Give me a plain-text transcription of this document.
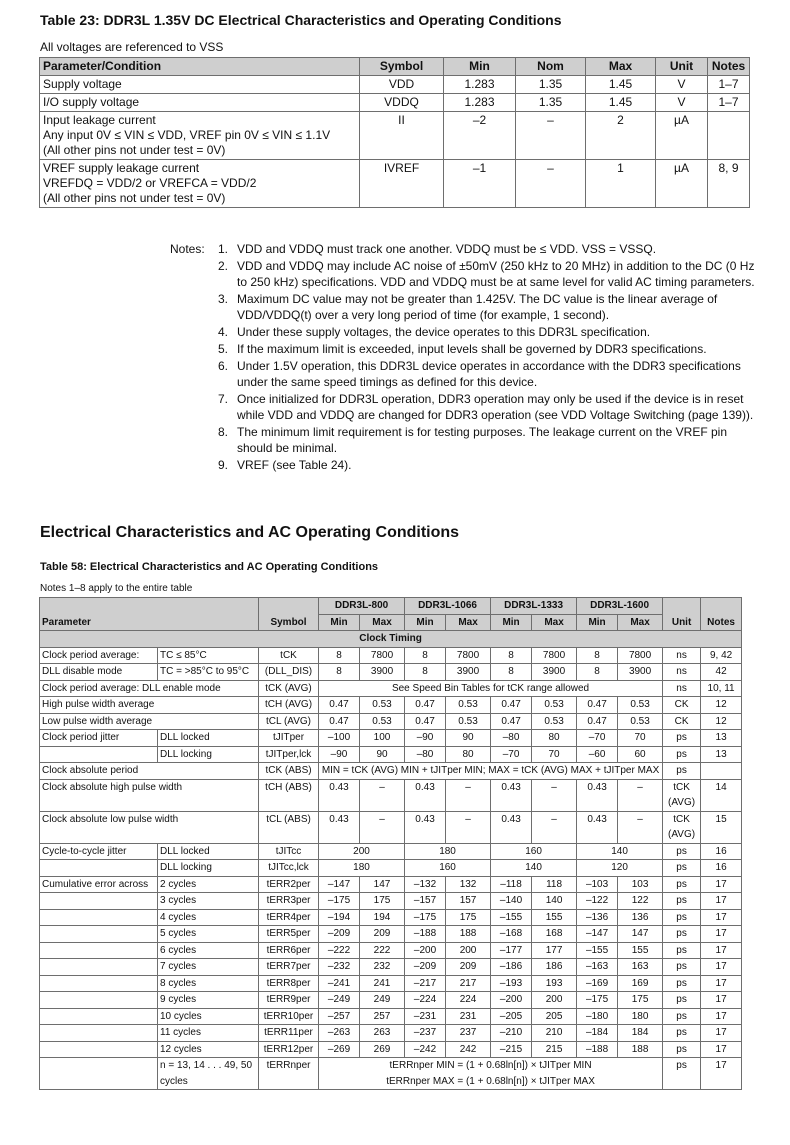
Table 23: DDR3L 1.35V DC Electrical Characteristics and Operating Conditions
All voltages are referenced to VSS
Parameter/Condition	Symbol	Min	Nom	Max	Unit	Notes

Supply voltage	VDD	1.283	1.35	1.45	V	1–7

I/O supply voltage	VDDQ	1.283	1.35	1.45	V	1–7

Input leakage current
Any input 0V ≤ VIN ≤ VDD, VREF pin 0V ≤ VIN ≤ 1.1V
(All other pins not under test = 0V)	II	–2	–	2	µA	

VREF supply leakage current
VREFDQ = VDD/2 or VREFCA = VDD/2
(All other pins not under test = 0V)	IVREF	–1	–	1	µA	8, 9
Notes: 1. VDD and VDDQ must track one another. VDDQ must be ≤ VDD. VSS = VSSQ.
2. VDD and VDDQ may include AC noise of ±50mV (250 kHz to 20 MHz) in addition to the DC (0 Hz to 250 kHz) specifications. VDD and VDDQ must be at same level for valid AC timing parameters.
3. Maximum DC value may not be greater than 1.425V. The DC value is the linear average of VDD/VDDQ(t) over a very long period of time (for example, 1 second).
4. Under these supply voltages, the device operates to this DDR3L specification.
5. If the maximum limit is exceeded, input levels shall be governed by DDR3 specifications.
6. Under 1.5V operation, this DDR3L device operates in accordance with the DDR3 specifications under the same speed timings as defined for this device.
7. Once initialized for DDR3L operation, DDR3 operation may only be used if the device is in reset while VDD and VDDQ are changed for DDR3 operation (see VDD Voltage Switching (page 139)).
8. The minimum limit requirement is for testing purposes. The leakage current on the VREF pin should be minimal.
9. VREF (see Table 24).
Electrical Characteristics and AC Operating Conditions
Table 58: Electrical Characteristics and AC Operating Conditions
Notes 1–8 apply to the entire table
Parameter		Symbol	DDR3L-800		DDR3L-1066		DDR3L-1333		DDR3L-1600		Unit	Notes
			Min	Max	Min	Max	Min	Max	Min	Max		
Clock Timing												
Clock period average:	TC ≤ 85°C	tCK	8	7800	8	7800	8	7800	8	7800	ns	9, 42
DLL disable mode	TC = >85°C to 95°C	(DLL_DIS)	8	3900	8	3900	8	3900	8	3900	ns	42
Clock period average: DLL enable mode		tCK (AVG)	See Speed Bin Tables for tCK range allowed								ns	10, 11
High pulse width average		tCH (AVG)	0.47	0.53	0.47	0.53	0.47	0.53	0.47	0.53	CK	12
Low pulse width average		tCL (AVG)	0.47	0.53	0.47	0.53	0.47	0.53	0.47	0.53	CK	12
Clock period jitter	DLL locked	tJITper	–100	100	–90	90	–80	80	–70	70	ps	13
	DLL locking	tJITper,lck	–90	90	–80	80	–70	70	–60	60	ps	13
Clock absolute period		tCK (ABS)	MIN = tCK (AVG) MIN + tJITper MIN; MAX = tCK (AVG) MAX + tJITper MAX								ps	
Clock absolute high pulse width		tCH (ABS)	0.43	–	0.43	–	0.43	–	0.43	–	tCK (AVG)	14
Clock absolute low pulse width		tCL (ABS)	0.43	–	0.43	–	0.43	–	0.43	–	tCK (AVG)	15
Cycle-to-cycle jitter	DLL locked	tJITcc	200		180		160		140		ps	16
	DLL locking	tJITcc,lck	180		160		140		120		ps	16
Cumulative error across	2 cycles	tERR2per	–147	147	–132	132	–118	118	–103	103	ps	17
	3 cycles	tERR3per	–175	175	–157	157	–140	140	–122	122	ps	17
	4 cycles	tERR4per	–194	194	–175	175	–155	155	–136	136	ps	17
	5 cycles	tERR5per	–209	209	–188	188	–168	168	–147	147	ps	17
	6 cycles	tERR6per	–222	222	–200	200	–177	177	–155	155	ps	17
	7 cycles	tERR7per	–232	232	–209	209	–186	186	–163	163	ps	17
	8 cycles	tERR8per	–241	241	–217	217	–193	193	–169	169	ps	17
	9 cycles	tERR9per	–249	249	–224	224	–200	200	–175	175	ps	17
	10 cycles	tERR10per	–257	257	–231	231	–205	205	–180	180	ps	17
	11 cycles	tERR11per	–263	263	–237	237	–210	210	–184	184	ps	17
	12 cycles	tERR12per	–269	269	–242	242	–215	215	–188	188	ps	17
	n = 13, 14 . . . 49, 50 cycles	tERRnper	tERRnper MIN = (1 + 0.68ln[n]) × tJITper MIN
tERRnper MAX = (1 + 0.68ln[n]) × tJITper MAX								ps	17
